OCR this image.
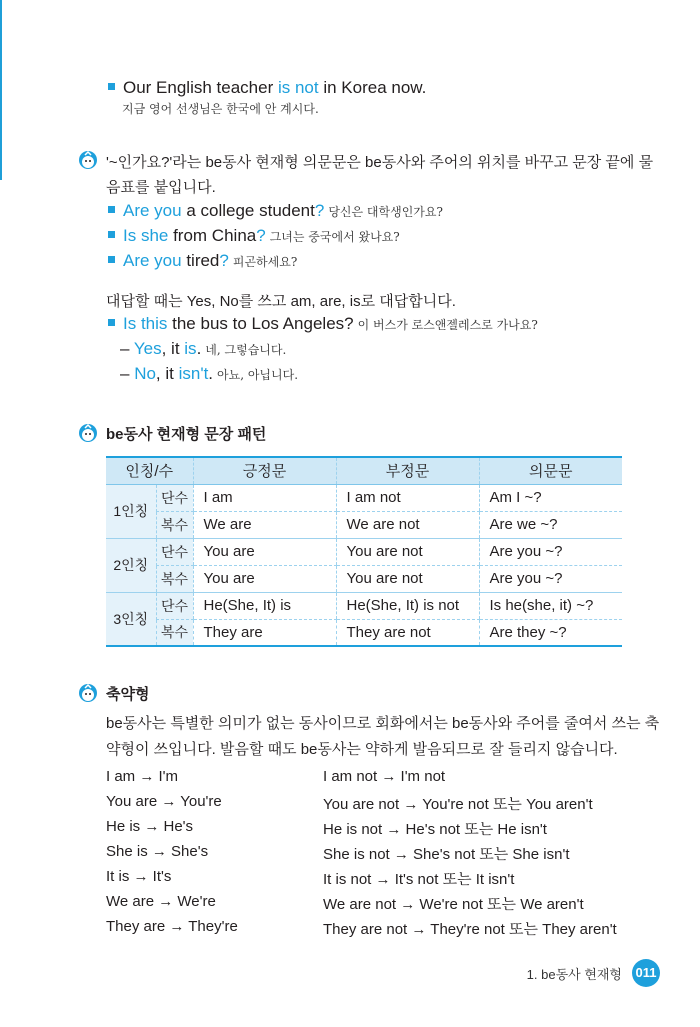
Our English teacher is not in Korea now.
지금 영어 선생님은 한국에 안 계시다.
'~인가요?'라는 be동사 현재형 의문문은 be동사와 주어의 위치를 바꾸고 문장 끝에 물
음표를 붙입니다.
Are you a college student? 당신은 대학생인가요?
Is she from China? 그녀는 중국에서 왔나요?
Are you tired? 피곤하세요?
대답할 때는 Yes, No를 쓰고 am, are, is로 대답합니다.
Is this the bus to Los Angeles? 이 버스가 로스앤젤레스로 가나요?
– Yes, it is. 네, 그렇습니다.
– No, it isn't. 아뇨, 아닙니다.
be동사 현재형 문장 패턴
인칭/수		긍정문	부정문	의문문
1인칭	단수	I am	I am not	Am I ~?
	복수	We are	We are not	Are we ~?
2인칭	단수	You are	You are not	Are you ~?
	복수	You are	You are not	Are you ~?
3인칭	단수	He(She, It) is	He(She, It) is not	Is he(she, it) ~?
	복수	They are	They are not	Are they ~?
축약형
be동사는 특별한 의미가 없는 동사이므로 회화에서는 be동사와 주어를 줄여서 쓰는 축
약형이 쓰입니다. 발음할 때도 be동사는 약하게 발음되므로 잘 들리지 않습니다.
I am → I'm
You are → You're
He is → He's
She is → She's
It is → It's
We are → We're
They are → They're
I am not → I'm not
You are not → You're not 또는 You aren't
He is not → He's not 또는 He isn't
She is not → She's not 또는 She isn't
It is not → It's not 또는 It isn't
We are not → We're not 또는 We aren't
They are not → They're not 또는 They aren't
1. be동사 현재형 011
